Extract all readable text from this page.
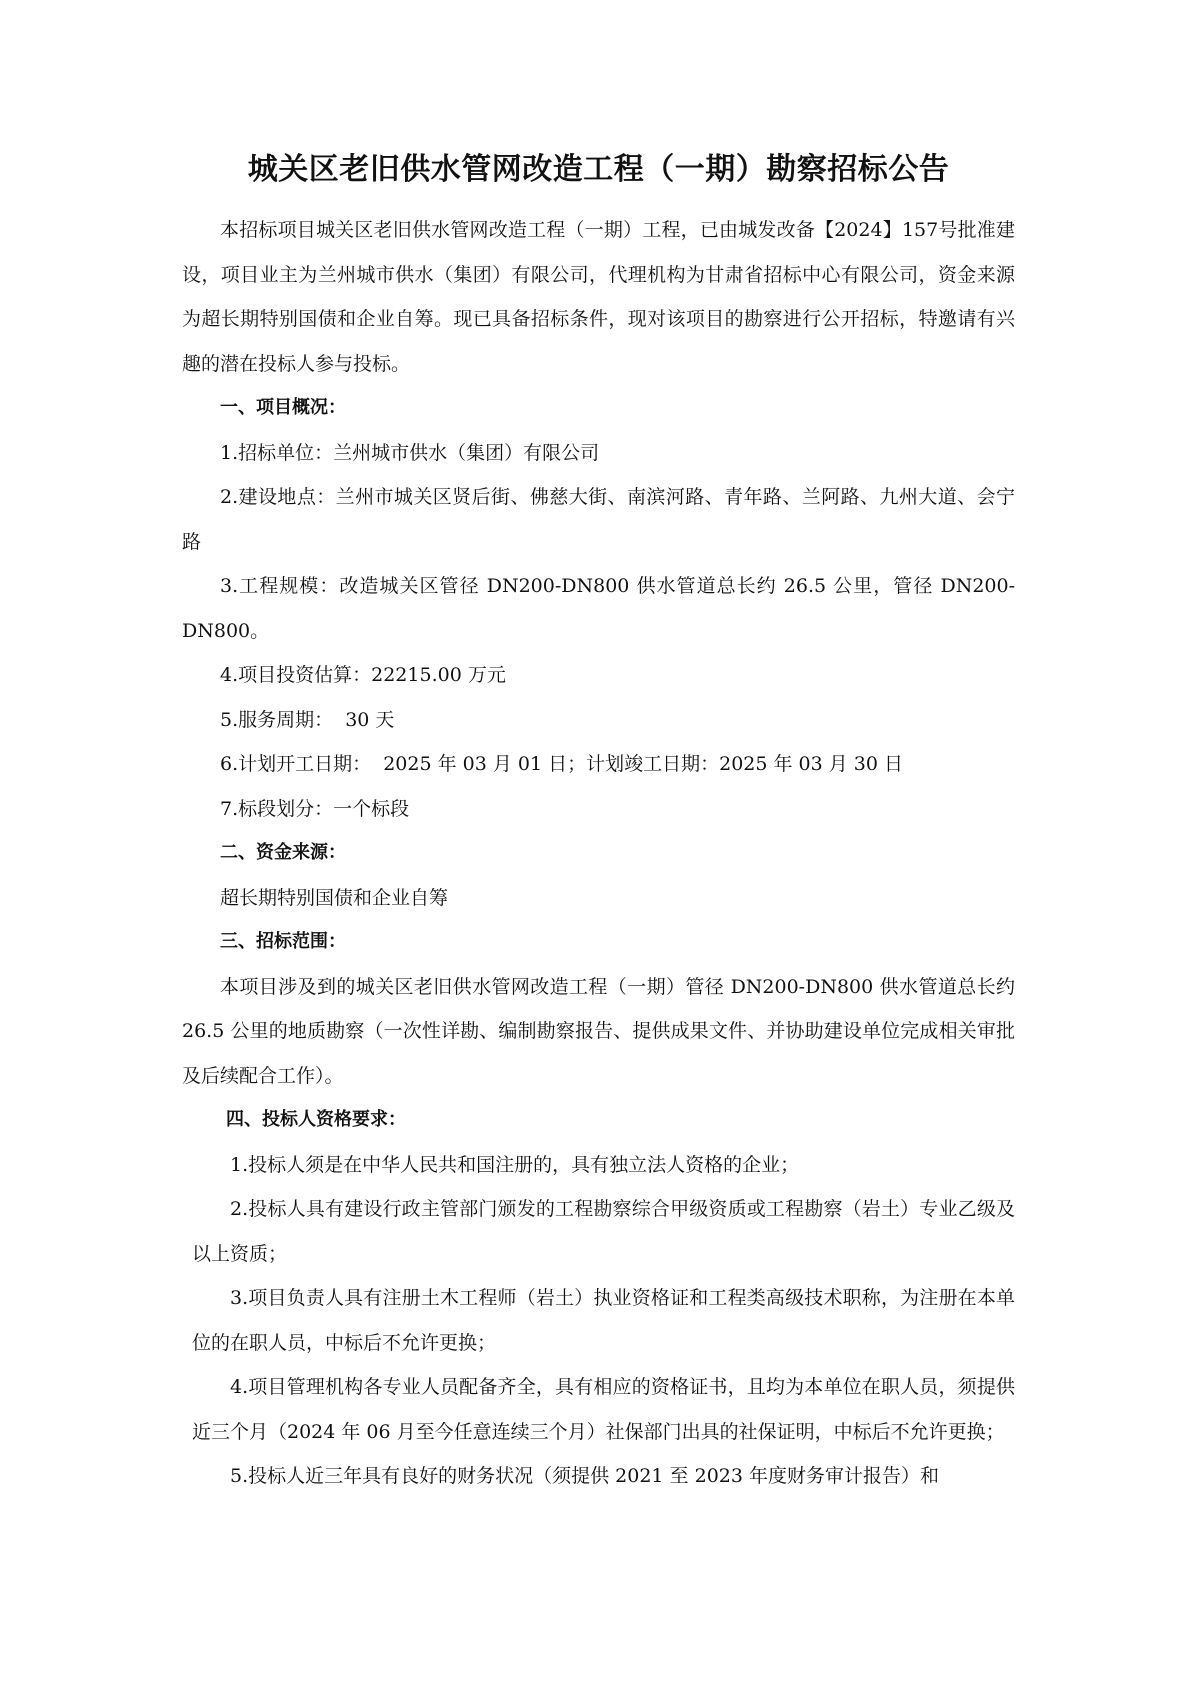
城关区老旧供水管网改造工程（一期）勘察招标公告

本招标项目城关区老旧供水管网改造工程（一期）工程，已由城发改备【2024】157号批准建设，项目业主为兰州城市供水（集团）有限公司，代理机构为甘肃省招标中心有限公司，资金来源为超长期特别国债和企业自筹。现已具备招标条件，现对该项目的勘察进行公开招标，特邀请有兴趣的潜在投标人参与投标。

一、项目概况：

1.招标单位：兰州城市供水（集团）有限公司

2.建设地点：兰州市城关区贤后街、佛慈大街、南滨河路、青年路、兰阿路、九州大道、会宁路

3.工程规模：改造城关区管径 DN200-DN800 供水管道总长约 26.5 公里，管径 DN200-DN800。

4.项目投资估算：22215.00 万元

5.服务周期：  30 天

6.计划开工日期：  2025 年 03 月 01 日；计划竣工日期：2025 年 03 月 30 日

7.标段划分：一个标段

二、资金来源：

超长期特别国债和企业自筹

三、招标范围：

本项目涉及到的城关区老旧供水管网改造工程（一期）管径 DN200-DN800 供水管道总长约 26.5 公里的地质勘察（一次性详勘、编制勘察报告、提供成果文件、并协助建设单位完成相关审批及后续配合工作）。

四、投标人资格要求：

1.投标人须是在中华人民共和国注册的，具有独立法人资格的企业；

2.投标人具有建设行政主管部门颁发的工程勘察综合甲级资质或工程勘察（岩土）专业乙级及以上资质；

3.项目负责人具有注册土木工程师（岩土）执业资格证和工程类高级技术职称，为注册在本单位的在职人员，中标后不允许更换；

4.项目管理机构各专业人员配备齐全，具有相应的资格证书，且均为本单位在职人员，须提供近三个月（2024 年 06 月至今任意连续三个月）社保部门出具的社保证明，中标后不允许更换；

5.投标人近三年具有良好的财务状况（须提供 2021 至 2023 年度财务审计报告）和
